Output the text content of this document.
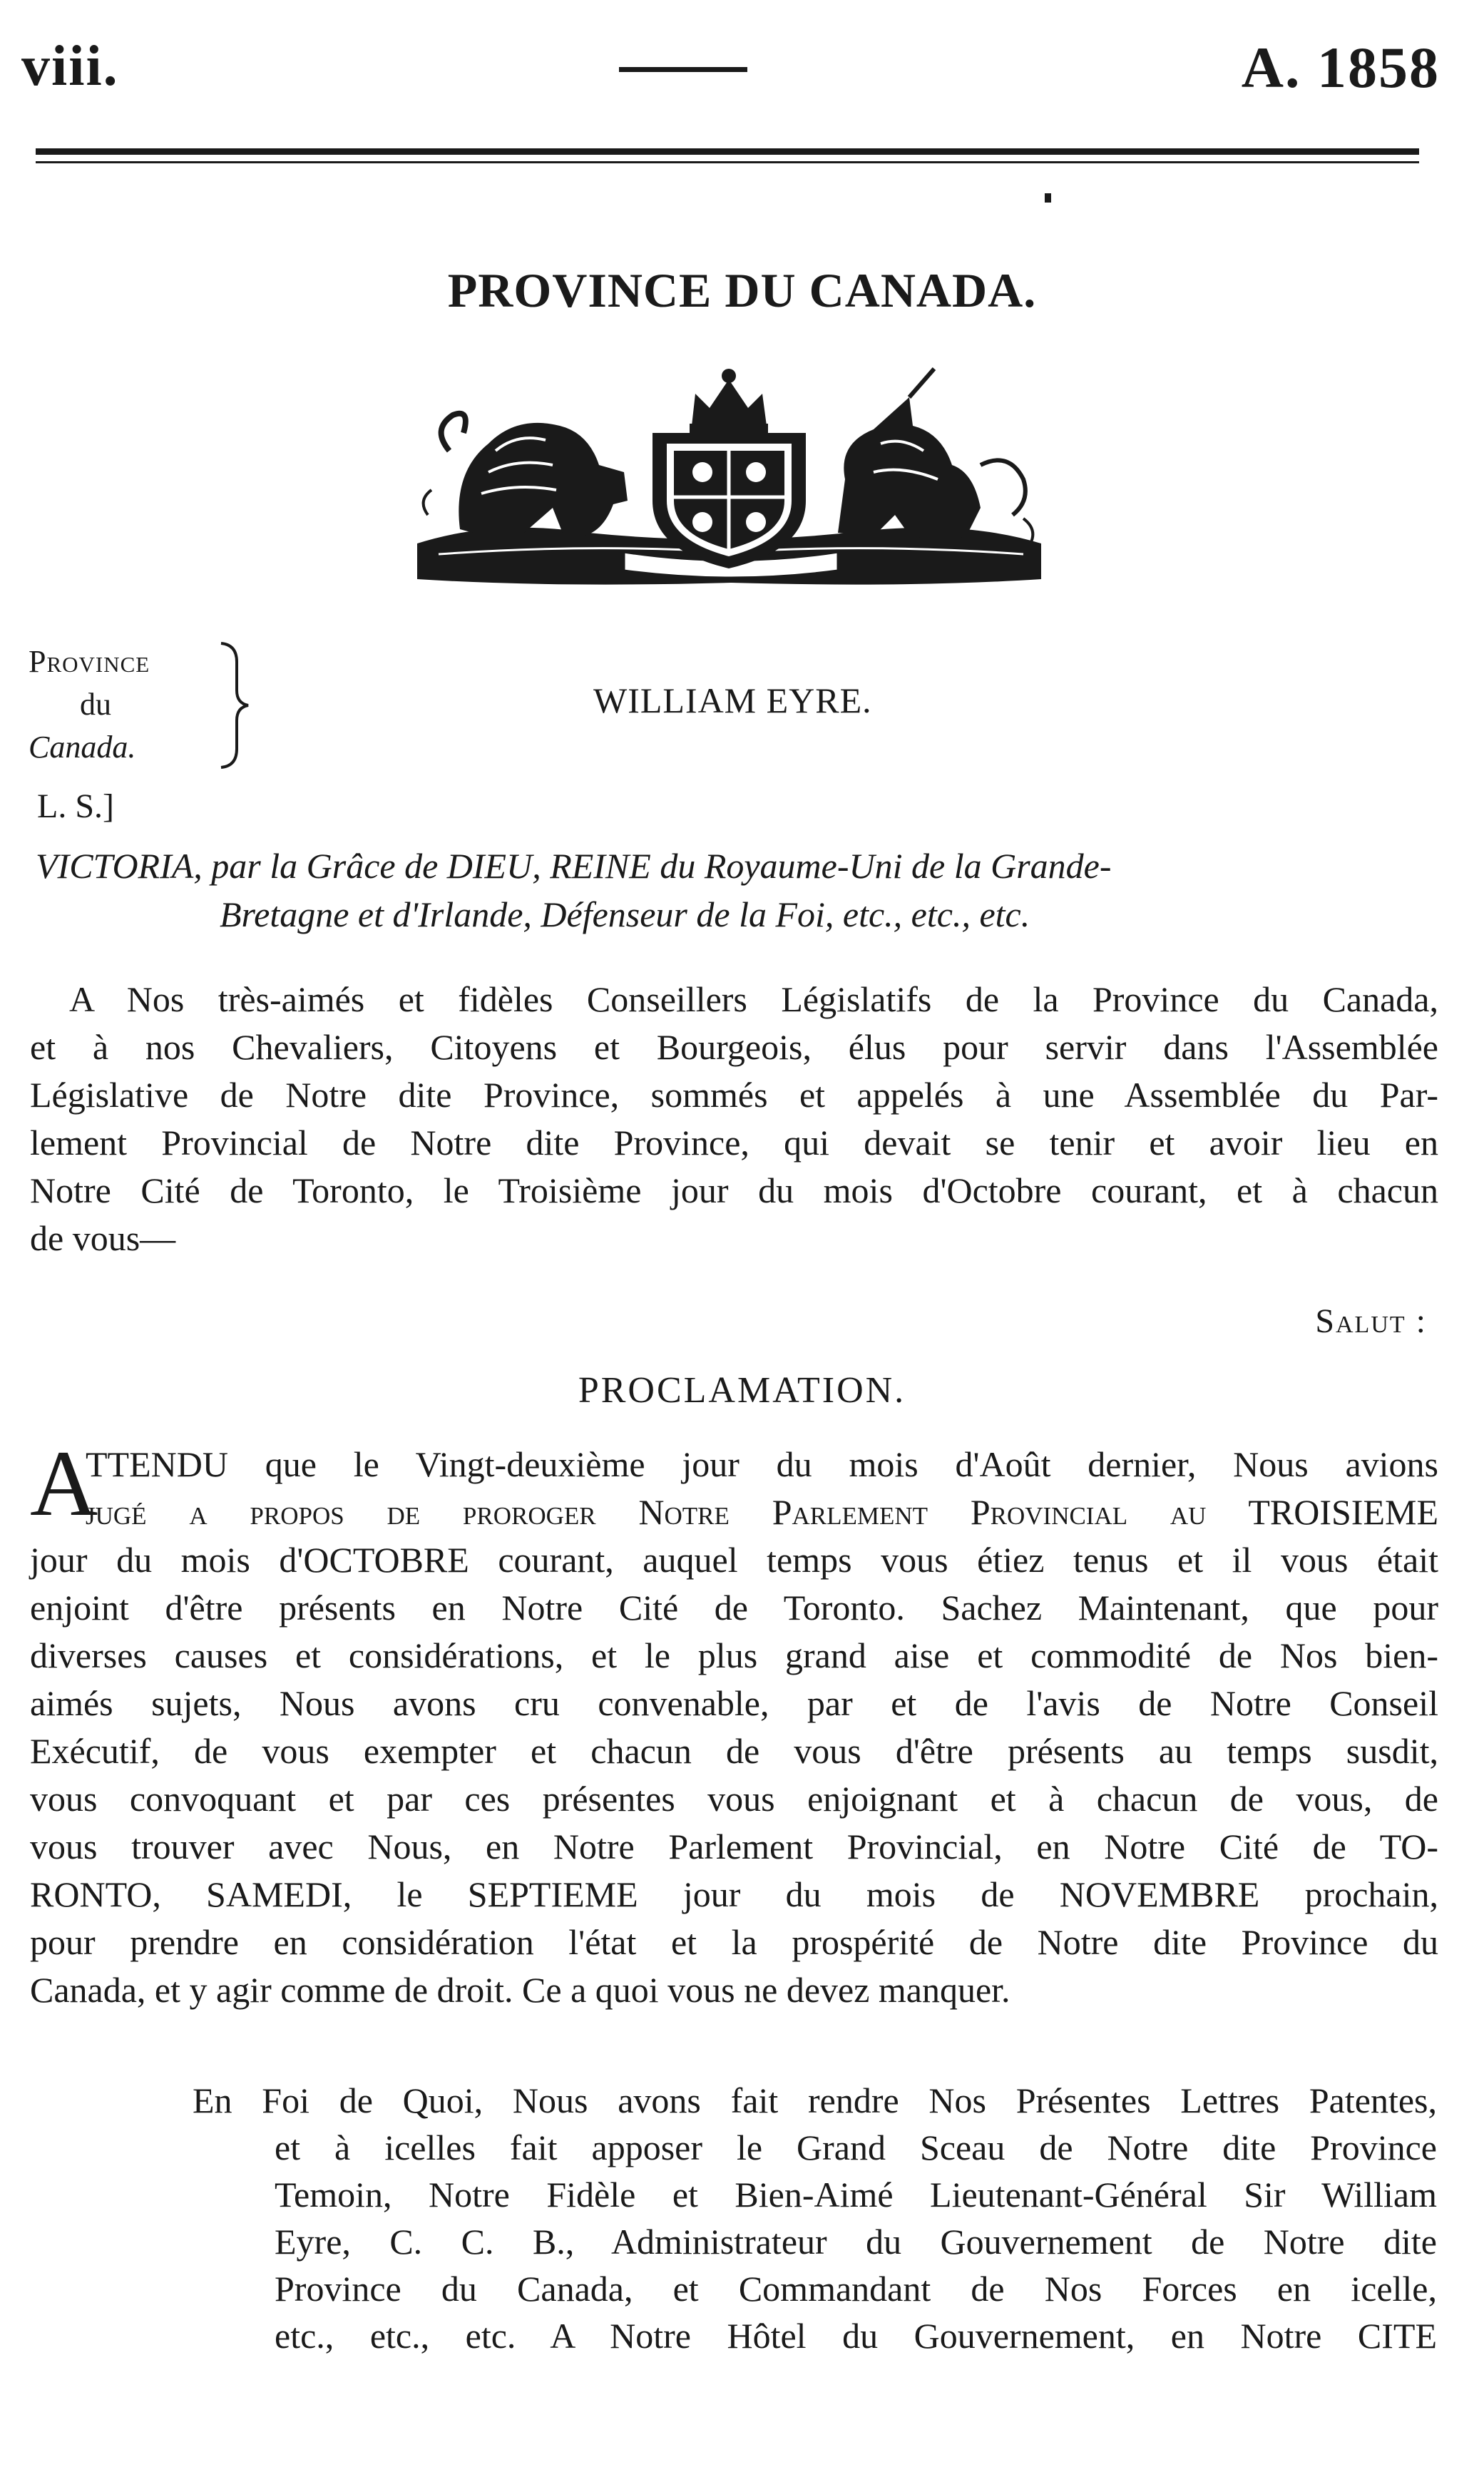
viii.	A. 1858
PROVINCE DU CANADA.
Province
du
Canada.
WILLIAM EYRE.
L. S.]
VICTORIA, par la Grâce de DIEU, REINE du Royaume-Uni de la Grande-
Bretagne et d'Irlande, Défenseur de la Foi, etc., etc., etc.
A Nos très-aimés et fidèles Conseillers Législatifs de la Province du Canada,
et à nos Chevaliers, Citoyens et Bourgeois, élus pour servir dans l'Assemblée
Législative de Notre dite Province, sommés et appelés à une Assemblée du Par-
lement Provincial de Notre dite Province, qui devait se tenir et avoir lieu en
Notre Cité de Toronto, le Troisième jour du mois d'Octobre courant, et à chacun
de vous—
Salut :
PROCLAMATION.
A
TTENDU que le Vingt-deuxième jour du mois d'Août dernier, Nous avions
jugé a propos de proroger Notre Parlement Provincial au TROISIEME
jour du mois d'OCTOBRE courant, auquel temps vous étiez tenus et il vous était
enjoint d'être présents en Notre Cité de Toronto. Sachez Maintenant, que pour
diverses causes et considérations, et le plus grand aise et commodité de Nos bien-
aimés sujets, Nous avons cru convenable, par et de l'avis de Notre Conseil
Exécutif, de vous exempter et chacun de vous d'être présents au temps susdit,
vous convoquant et par ces présentes vous enjoignant et à chacun de vous, de
vous trouver avec Nous, en Notre Parlement Provincial, en Notre Cité de TO-
RONTO, SAMEDI, le SEPTIEME jour du mois de NOVEMBRE prochain,
pour prendre en considération l'état et la prospérité de Notre dite Province du
Canada, et y agir comme de droit. Ce a quoi vous ne devez manquer.
En Foi de Quoi, Nous avons fait rendre Nos Présentes Lettres Patentes,
et à icelles fait apposer le Grand Sceau de Notre dite Province
Temoin, Notre Fidèle et Bien-Aimé Lieutenant-Général Sir William
Eyre, C. C. B., Administrateur du Gouvernement de Notre dite
Province du Canada, et Commandant de Nos Forces en icelle,
etc., etc., etc. A Notre Hôtel du Gouvernement, en Notre CITE
